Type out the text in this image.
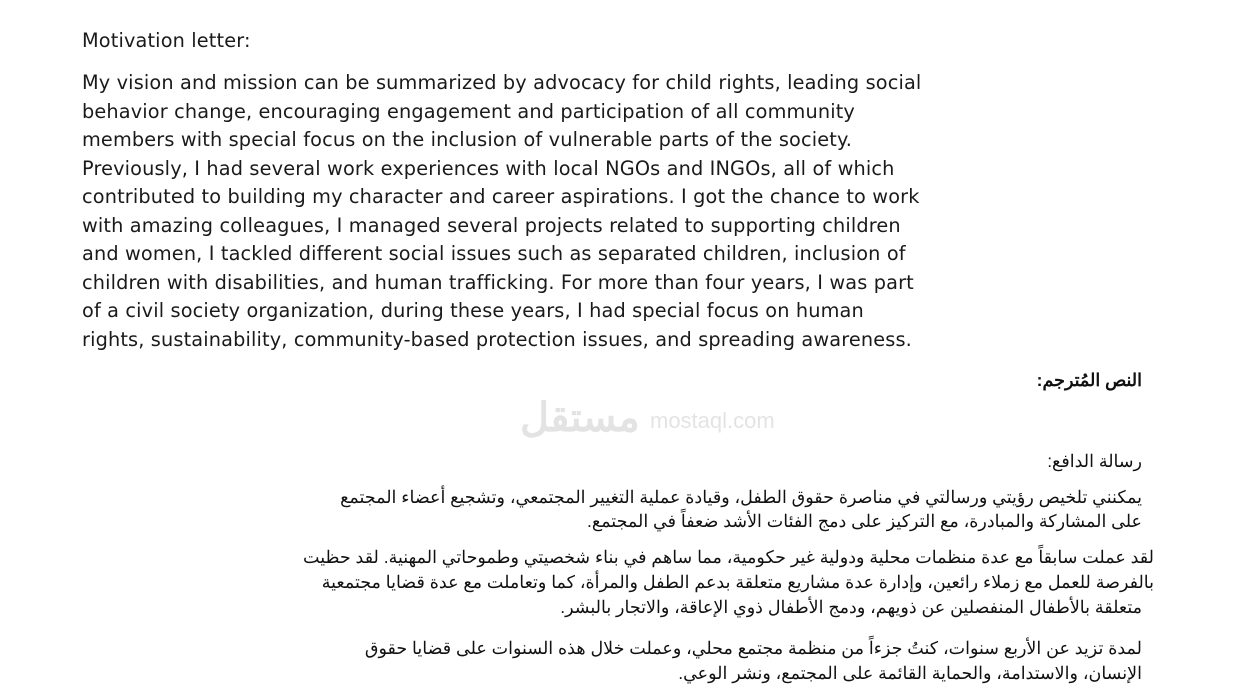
مستقل mostaql.com
Motivation letter:
My vision and mission can be summarized by advocacy for child rights, leading social
behavior change, encouraging engagement and participation of all community
members with special focus on the inclusion of vulnerable parts of the society.
Previously, I had several work experiences with local NGOs and INGOs, all of which
contributed to building my character and career aspirations. I got the chance to work
with amazing colleagues, I managed several projects related to supporting children
and women, I tackled different social issues such as separated children, inclusion of
children with disabilities, and human trafficking. For more than four years, I was part
of a civil society organization, during these years, I had special focus on human
rights, sustainability, community-based protection issues, and spreading awareness.
النص المُترجم:
رسالة الدافع:
يمكنني تلخيص رؤيتي ورسالتي في مناصرة حقوق الطفل، وقيادة عملية التغيير المجتمعي، وتشجيع أعضاء المجتمع
على المشاركة والمبادرة، مع التركيز على دمج الفئات الأشد ضعفاً في المجتمع.
لقد عملت سابقاً مع عدة منظمات محلية ودولية غير حكومية، مما ساهم في بناء شخصيتي وطموحاتي المهنية. لقد حظيت
بالفرصة للعمل مع زملاء رائعين، وإدارة عدة مشاريع متعلقة بدعم الطفل والمرأة، كما وتعاملت مع عدة قضايا مجتمعية
متعلقة بالأطفال المنفصلين عن ذويهم، ودمج الأطفال ذوي الإعاقة، والاتجار بالبشر.
لمدة تزيد عن الأربع سنوات، كنتُ جزءاً من منظمة مجتمع محلي، وعملت خلال هذه السنوات على قضايا حقوق
الإنسان، والاستدامة، والحماية القائمة على المجتمع، ونشر الوعي.
